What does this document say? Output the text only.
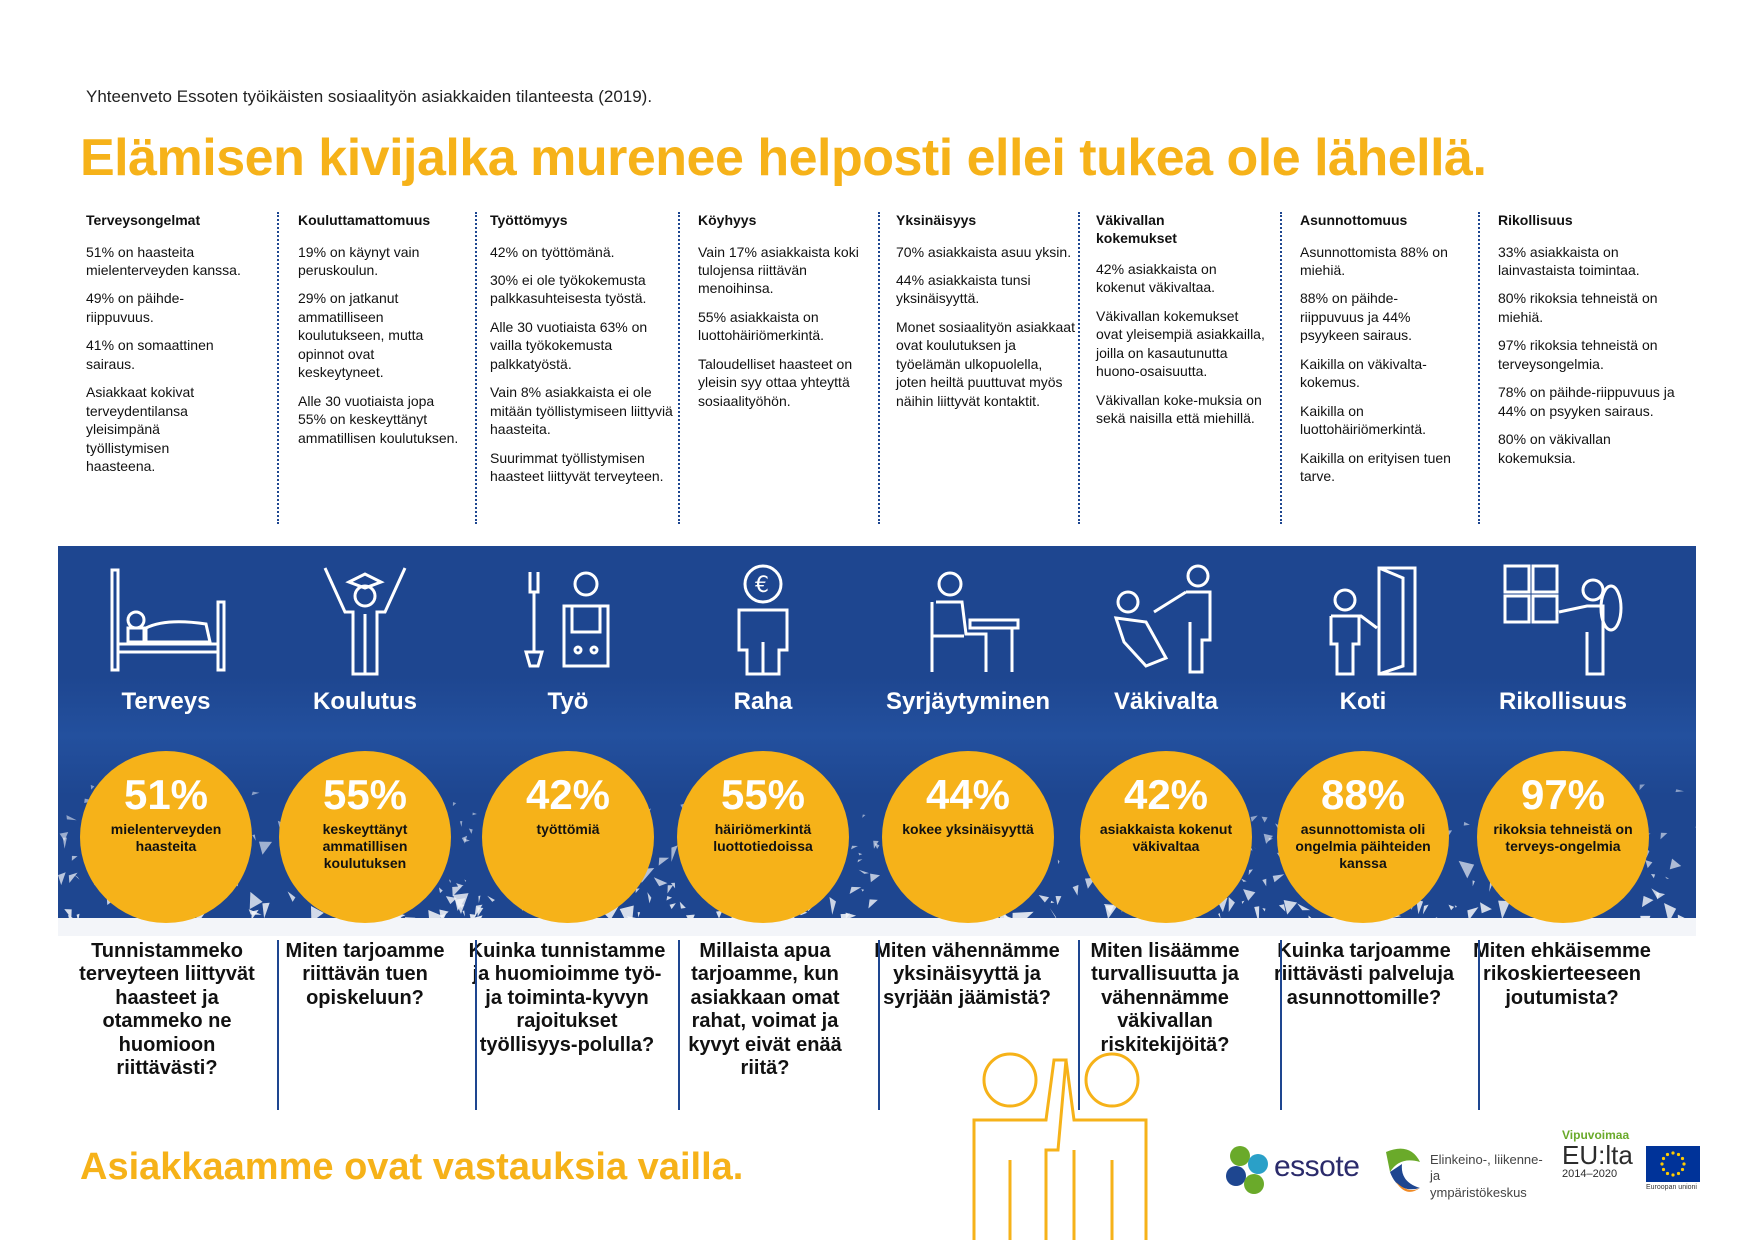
Yhteenveto Essoten työikäisten sosiaalityön asiakkaiden tilanteesta (2019).
Elämisen kivijalka murenee helposti ellei tukea ole lähellä.
Terveysongelmat

51% on haasteita mielenterveyden kanssa.

49% on päihde-riippuvuus.

41% on somaattinen sairaus.

Asiakkaat kokivat terveydentilansa yleisimpänä työllistymisen haasteena.

Kouluttamattomuus

19% on käynyt vain peruskoulun.

29% on jatkanut ammatilliseen koulutukseen, mutta opinnot ovat keskeytyneet.

Alle 30 vuotiaista jopa 55% on keskeyttänyt ammatillisen koulutuksen.

Työttömyys

42% on työttömänä.

30% ei ole työkokemusta palkkasuhteisesta työstä.

Alle 30 vuotiaista 63% on vailla työkokemusta palkkatyöstä.

Vain 8% asiakkaista ei ole mitään työllistymiseen liittyviä haasteita.

Suurimmat työllistymisen haasteet liittyvät terveyteen.

Köyhyys

Vain 17% asiakkaista koki tulojensa riittävän menoihinsa.

55% asiakkaista on luottohäiriömerkintä.

Taloudelliset haasteet on yleisin syy ottaa yhteyttä sosiaalityöhön.

Yksinäisyys

70% asiakkaista asuu yksin.

44% asiakkaista tunsi yksinäisyyttä.

Monet sosiaalityön asiakkaat ovat koulutuksen ja työelämän ulkopuolella, joten heiltä puuttuvat myös näihin liittyvät kontaktit.

Väkivallan kokemukset

42% asiakkaista on kokenut väkivaltaa.

Väkivallan kokemukset ovat yleisempiä asiakkailla, joilla on kasautunutta huono-osaisuutta.

Väkivallan koke-muksia on sekä naisilla että miehillä.

Asunnottomuus

Asunnottomista 88% on miehiä.

88% on päihde-riippuvuus ja 44% psyykeen sairaus.

Kaikilla on väkivalta-kokemus.

Kaikilla on luottohäiriömerkintä.

Kaikilla on erityisen tuen tarve.

Rikollisuus

33% asiakkaista on lainvastaista toimintaa.

80% rikoksia tehneistä on miehiä.

97% rikoksia tehneistä on terveysongelmia.

78% on päihde-riippuvuus ja 44% on psyyken sairaus.

80% on väkivallan kokemuksia.

Terveys
51%
mielenterveyden haasteita
Koulutus
55%
keskeyttänyt ammatillisen koulutuksen
Työ
42%
työttömiä
€
Raha
55%
häiriömerkintä luottotiedoissa
Syrjäytyminen
44%
kokee yksinäisyyttä
Väkivalta
42%
asiakkaista kokenut väkivaltaa
Koti
88%
asunnottomista oli ongelmia päihteiden kanssa
Rikollisuus
97%
rikoksia tehneistä on terveys-ongelmia
Tunnistammeko terveyteen liittyvät haasteet ja otammeko ne huomioon riittävästi?
Miten tarjoamme riittävän tuen opiskeluun?
Kuinka tunnistamme ja huomioimme työ- ja toiminta-kyvyn rajoitukset työllisyys-polulla?
Millaista apua tarjoamme, kun asiakkaan omat rahat, voimat ja kyvyt eivät enää riitä?
Miten vähennämme yksinäisyyttä ja syrjään jäämistä?
Miten lisäämme turvallisuutta ja vähennämme väkivallan riskitekijöitä?
Kuinka tarjoamme riittävästi palveluja asunnottomille?
Miten ehkäisemme rikoskierteeseen joutumista?
Asiakkaamme ovat vastauksia vailla.	essote	Elinkeino-, liikenne- ja
ympäristökeskus
Vipuvoimaa
EU:lta
2014–2020
Euroopan unioni
